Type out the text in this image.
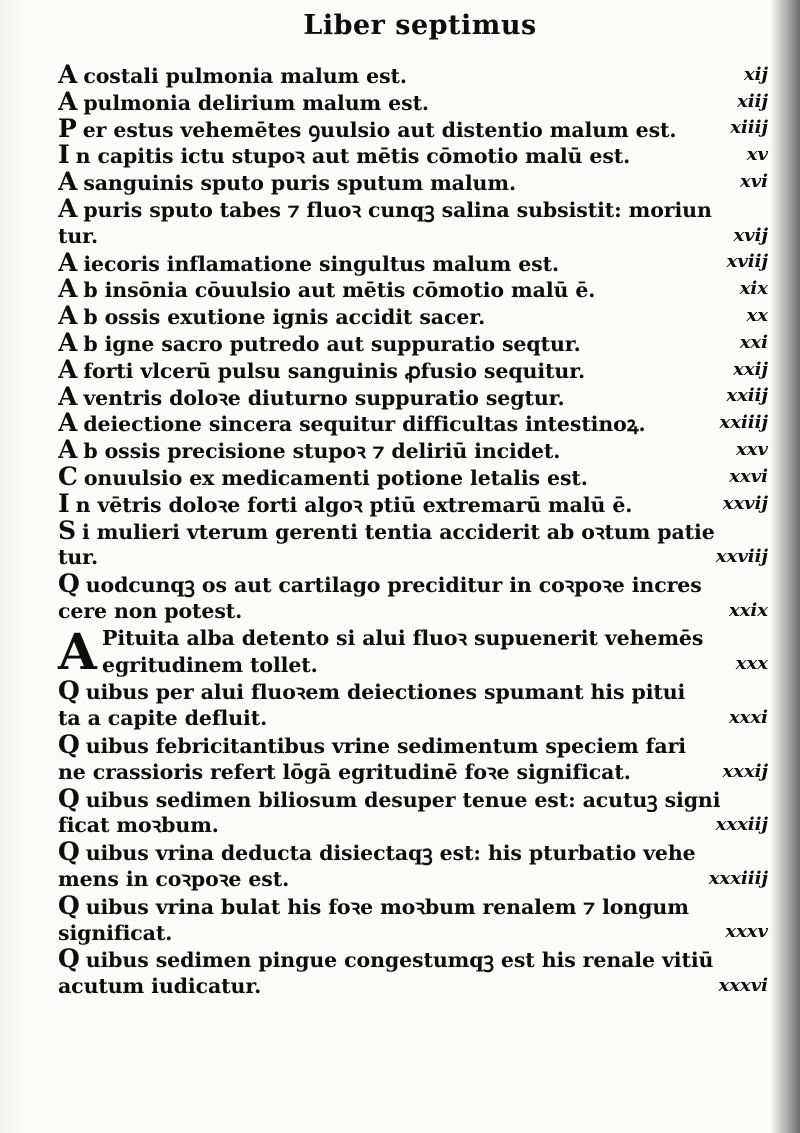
Liber septimus
A costali pulmonia malum est.	xij
A pulmonia delirium malum est.	xiij
P er estus vehemētes ꝯuulsio aut distentio malum est.	xiiij
I n capitis ictu stupoꝛ aut mētis cōmotio malū est.	xv
A sanguinis sputo puris sputum malum.	xvi
A puris sputo tabes ⁊ fluoꝛ cunqꝫ salina subsistit: moriun
tur.	xvij
A iecoris inflamatione singultus malum est.	xviij
A b insōnia cōuulsio aut mētis cōmotio malū ē.	xix
A b ossis exutione ignis accidit sacer.	xx
A b igne sacro putredo aut suppuratio seqtur.	xxi
A forti vlcerū pulsu sanguinis ꝓfusio sequitur.	xxij
A ventris doloꝛe diuturno suppuratio segtur.	xxiij
A deiectione sincera sequitur difficultas intestinoꝝ.	xxiiij
A b ossis precisione stupoꝛ ⁊ deliriū incidet.	xxv
C onuulsio ex medicamenti potione letalis est.	xxvi
I n vētris doloꝛe forti algoꝛ ptiū extremarū malū ē.	xxvij
S i mulieri vterum gerenti tentia acciderit ab oꝛtum patie
tur.	xxviij
Q uodcunqꝫ os aut cartilago preciditur in coꝛpoꝛe incres
cere non potest.	xxix
A Pituita alba detento si alui fluoꝛ supuenerit vehemēs
egritudinem tollet.	xxx
Q uibus per alui fluoꝛem deiectiones spumant his pitui
ta a capite defluit.	xxxi
Q uibus febricitantibus vrine sedimentum speciem fari
ne crassioris refert lōgā egritudinē foꝛe significat.	xxxij
Q uibus sedimen biliosum desuper tenue est: acutuꝫ signi
ficat moꝛbum.	xxxiij
Q uibus vrina deducta disiectaqꝫ est: his pturbatio vehe
mens in coꝛpoꝛe est.	xxxiiij
Q uibus vrina bulat his foꝛe moꝛbum renalem ⁊ longum
significat.	xxxv
Q uibus sedimen pingue congestumqꝫ est his renale vitiū
acutum iudicatur.	xxxvi
